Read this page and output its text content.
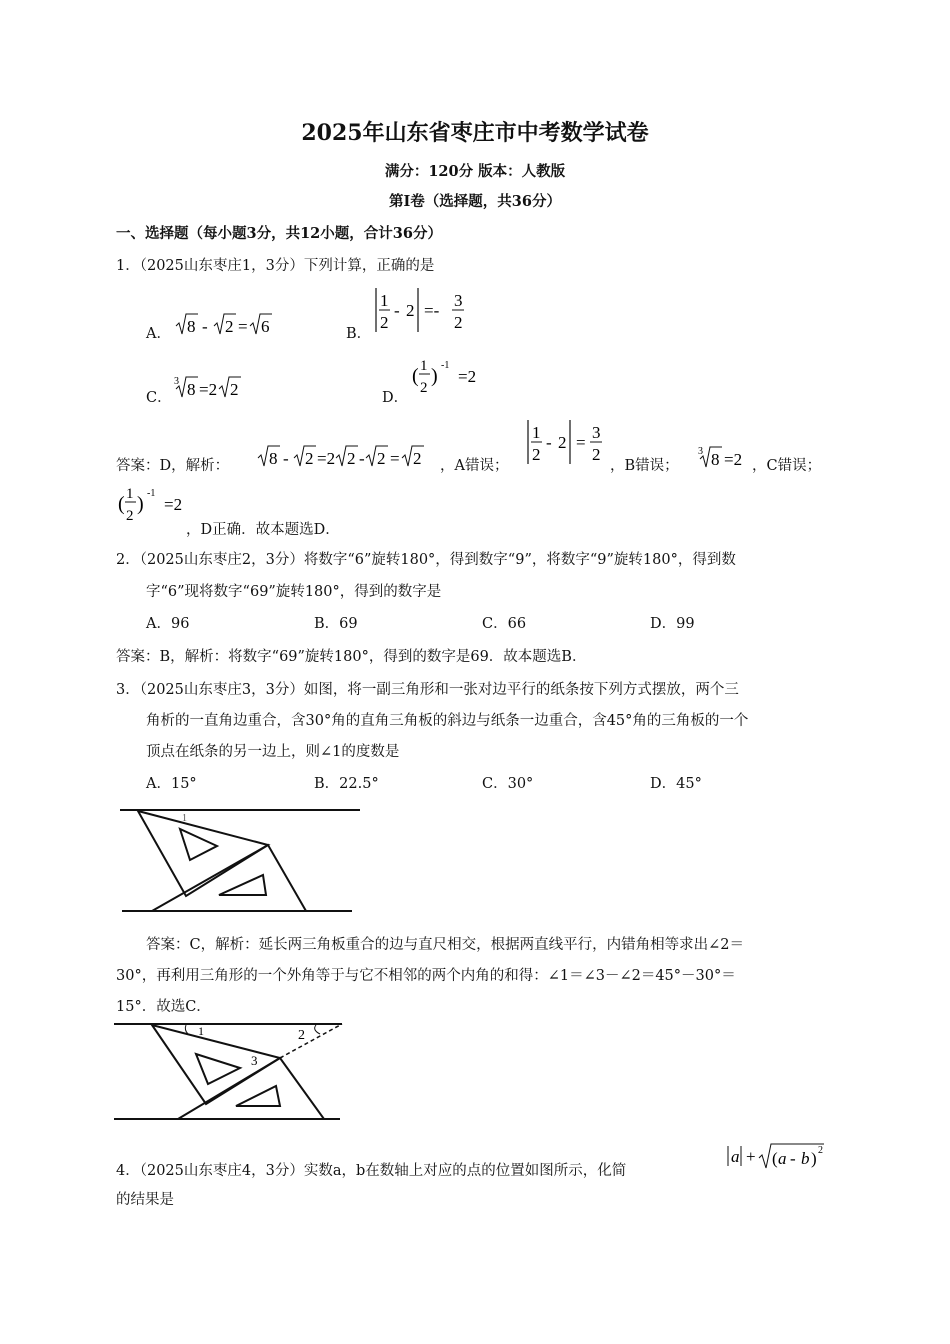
2025年山东省枣庄市中考数学试卷
满分：120分 版本：人教版
第Ⅰ卷（选择题，共36分）
一、选择题（每小题3分，共12小题，合计36分）
1．（2025山东枣庄1，3分）下列计算，正确的是
A． 8 - 2 = 6	B．
1
2
- 2 =-
3
2
C．
3 8 =2 2	D．
( 1
2
) -1
=2
答案：D，解析： 8 - 2 =2 2 - 2 = 2 ，A错误；
1
2
- 2 =
3
2
，B错误；
3 8 =2 ，C错误；
( 1
2
) -1
=2
，D正确．故本题选D．
2．（2025山东枣庄2，3分）将数字“6”旋转180°，得到数字“9”，将数字“9”旋转180°，得到数
字“6”现将数字“69”旋转180°，得到的数字是
A．96	B．69	C．66	D．99
答案：B，解析：将数字“69”旋转180°，得到的数字是69．故本题选B．
3．（2025山东枣庄3，3分）如图，将一副三角形和一张对边平行的纸条按下列方式摆放，两个三
角析的一直角边重合，含30°角的直角三角板的斜边与纸条一边重合，含45°角的三角板的一个
顶点在纸条的另一边上，则∠1的度数是
A．15°	B．22.5°	C．30°	D．45°
1
答案：C，解析：延长两三角板重合的边与直尺相交，根据两直线平行，内错角相等求出∠2＝
30°，再利用三角形的一个外角等于与它不相邻的两个内角的和得：∠1＝∠3－∠2＝45°－30°＝
15°．故选C．
1	2
3
4．（2025山东枣庄4，3分）实数a，b在数轴上对应的点的位置如图所示，化简
a + ( a - b ) 2
的结果是
